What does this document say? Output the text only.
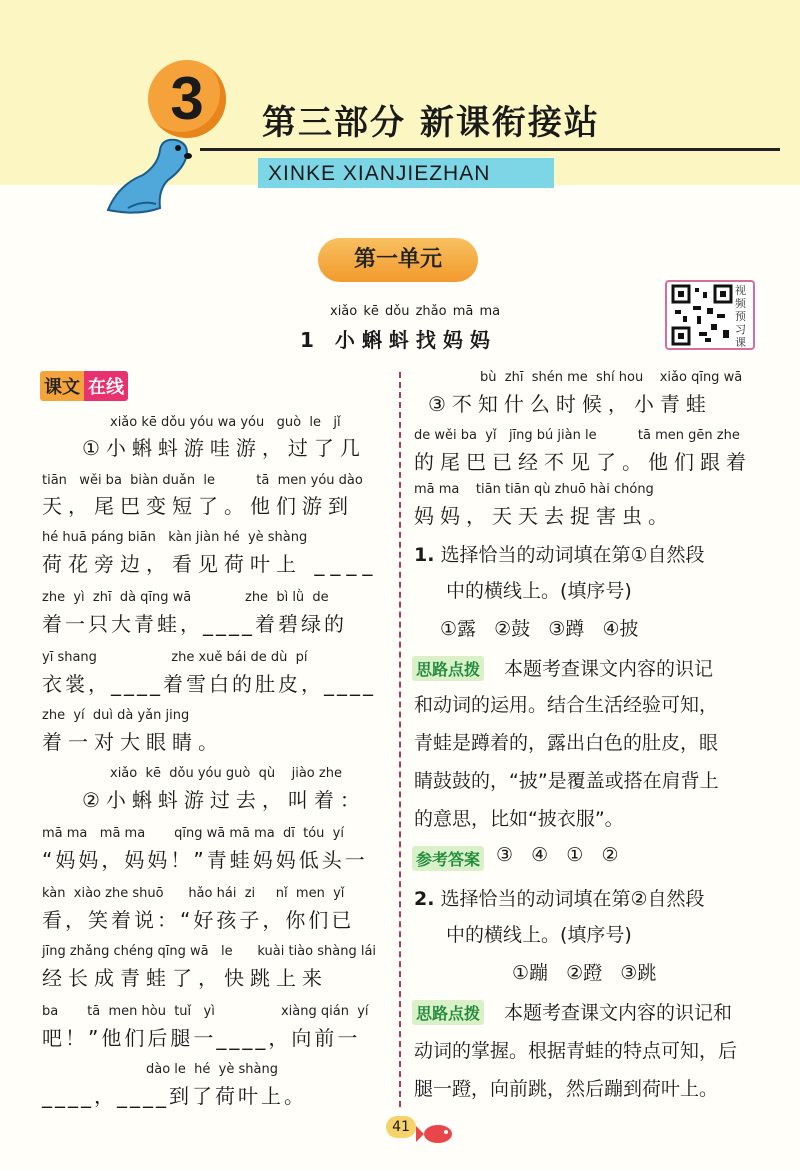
3	第三部分 新课衔接站
XINKE XIANJIEZHAN
第一单元
xiǎo kē dǒu zhǎo mā ma
1 小蝌蚪找妈妈
视频预习课
课文 在线
xiǎo kē dǒu yóu wa yóu   guò  le   jǐ
①小蝌蚪游哇游，过了几
tiān   wěi ba  biàn duǎn  le          tā  men yóu dào
天，尾巴变短了。他们游到
hé huā páng biān   kàn jiàn hé  yè shàng
荷花旁边，看见荷叶上 ____
zhe  yì  zhī  dà qīng wā             zhe  bì lǜ  de
着一只大青蛙，____着碧绿的
yī shang                  zhe xuě bái de dù  pí
衣裳，____着雪白的肚皮，____
zhe  yí  duì dà yǎn jing
着一对大眼睛。
xiǎo  kē  dǒu yóu guò  qù    jiào zhe
②小蝌蚪游过去，叫着：
mā ma   mā ma       qīng wā mā ma  dī  tóu  yí
“妈妈，妈妈！”青蛙妈妈低头一
kàn  xiào zhe shuō      hǎo hái  zi     nǐ  men  yǐ
看，笑着说：“好孩子，你们已
jīng zhǎng chéng qīng wā   le      kuài tiào shàng lái
经长成青蛙了，快跳上来
ba       tā  men hòu  tuǐ   yì                xiàng qián  yí
吧！”他们后腿一____，向前一
dào le  hé  yè shàng
____，____到了荷叶上。
bù  zhī  shén me  shí hou    xiǎo qīng wā
③不知什么时候，小青蛙
de wěi ba  yǐ   jīng bú jiàn le          tā men gēn zhe
的尾巴已经不见了。他们跟着
mā ma    tiān tiān qù zhuō hài chóng
妈妈，天天去捉害虫。
1. 选择恰当的动词填在第①自然段
中的横线上。(填序号)
①露   ②鼓   ③蹲   ④披
思路点拨 本题考查课文内容的识记
和动词的运用。结合生活经验可知，
青蛙是蹲着的，露出白色的肚皮，眼
睛鼓鼓的，“披”是覆盖或搭在肩背上
的意思，比如“披衣服”。
参考答案 ③   ④   ①   ②
2. 选择恰当的动词填在第②自然段
中的横线上。(填序号)
①蹦   ②蹬   ③跳
思路点拨 本题考查课文内容的识记和
动词的掌握。根据青蛙的特点可知，后
腿一蹬，向前跳，然后蹦到荷叶上。
41
